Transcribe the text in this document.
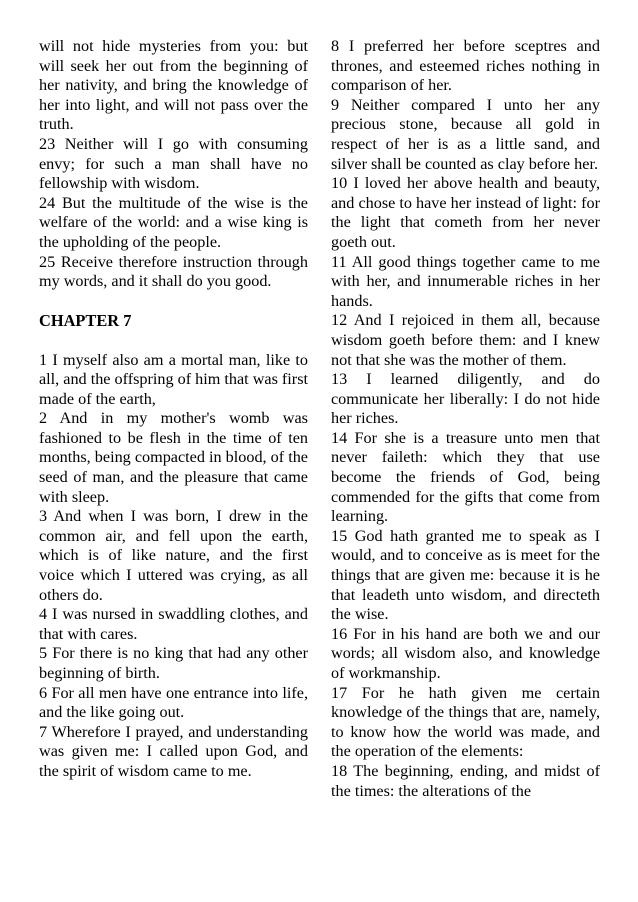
will not hide mysteries from you: but will seek her out from the beginning of her nativity, and bring the knowledge of her into light, and will not pass over the truth.

23 Neither will I go with consuming envy; for such a man shall have no fellowship with wisdom.

24 But the multitude of the wise is the welfare of the world: and a wise king is the upholding of the people.

25 Receive therefore instruction through my words, and it shall do you good.

CHAPTER 7

1 I myself also am a mortal man, like to all, and the offspring of him that was first made of the earth,

2 And in my mother's womb was fashioned to be flesh in the time of ten months, being compacted in blood, of the seed of man, and the pleasure that came with sleep.

3 And when I was born, I drew in the common air, and fell upon the earth, which is of like nature, and the first voice which I uttered was crying, as all others do.

4 I was nursed in swaddling clothes, and that with cares.

5 For there is no king that had any other beginning of birth.

6 For all men have one entrance into life, and the like going out.

7 Wherefore I prayed, and understanding was given me: I called upon God, and the spirit of wisdom came to me.

8 I preferred her before sceptres and thrones, and esteemed riches nothing in comparison of her.

9 Neither compared I unto her any precious stone, because all gold in respect of her is as a little sand, and silver shall be counted as clay before her.

10 I loved her above health and beauty, and chose to have her instead of light: for the light that cometh from her never goeth out.

11 All good things together came to me with her, and innumerable riches in her hands.

12 And I rejoiced in them all, because wisdom goeth before them: and I knew not that she was the mother of them.

13 I learned diligently, and do communicate her liberally: I do not hide her riches.

14 For she is a treasure unto men that never faileth: which they that use become the friends of God, being commended for the gifts that come from learning.

15 God hath granted me to speak as I would, and to conceive as is meet for the things that are given me: because it is he that leadeth unto wisdom, and directeth the wise.

16 For in his hand are both we and our words; all wisdom also, and knowledge of workmanship.

17 For he hath given me certain knowledge of the things that are, namely, to know how the world was made, and the operation of the elements:

18 The beginning, ending, and midst of the times: the alterations of the
